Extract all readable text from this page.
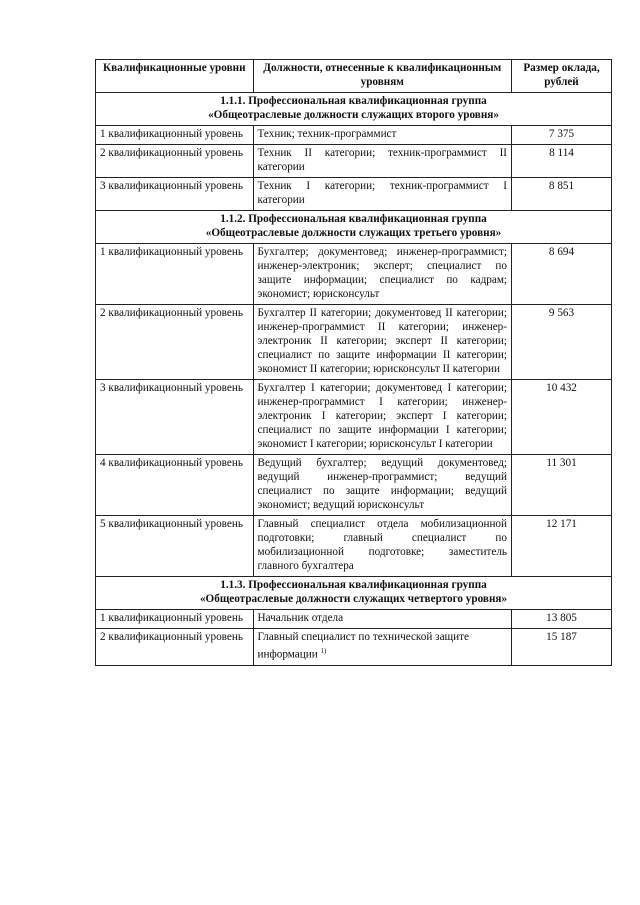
Квалификационные уровни	Должности, отнесенные к квалификационным уровням	Размер оклада, рублей

1.1.1. Профессиональная квалификационная группа
«Общеотраслевые должности служащих второго уровня»		

1 квалификационный уровень	Техник; техник-программист	7 375
2 квалификационный уровень	Техник II категории; техник-программист II категории	8 114
3 квалификационный уровень	Техник I категории; техник-программист I категории	8 851

1.1.2. Профессиональная квалификационная группа
«Общеотраслевые должности служащих третьего уровня»		

1 квалификационный уровень	Бухгалтер; документовед; инженер-программист; инженер-электроник; эксперт; специалист по защите информации; специалист по кадрам; экономист; юрисконсульт	8 694
2 квалификационный уровень	Бухгалтер II категории; документовед II категории; инженер-программист II категории; инженер-электроник II категории; эксперт II категории; специалист по защите информации II категории; экономист II категории; юрисконсульт II категории	9 563
3 квалификационный уровень	Бухгалтер I категории; документовед I категории; инженер-программист I категории; инженер-электроник I категории; эксперт I категории; специалист по защите информации I категории; экономист I категории; юрисконсульт I категории	10 432
4 квалификационный уровень	Ведущий бухгалтер; ведущий документовед; ведущий инженер-программист; ведущий специалист по защите информации; ведущий экономист; ведущий юрисконсульт	11 301
5 квалификационный уровень	Главный специалист отдела мобилизационной подготовки; главный специалист по мобилизационной подготовке; заместитель главного бухгалтера	12 171

1.1.3. Профессиональная квалификационная группа
«Общеотраслевые должности служащих четвертого уровня»		

1 квалификационный уровень	Начальник отдела	13 805
2 квалификационный уровень	Главный специалист по технической защите информации $^{1)}$	15 187
